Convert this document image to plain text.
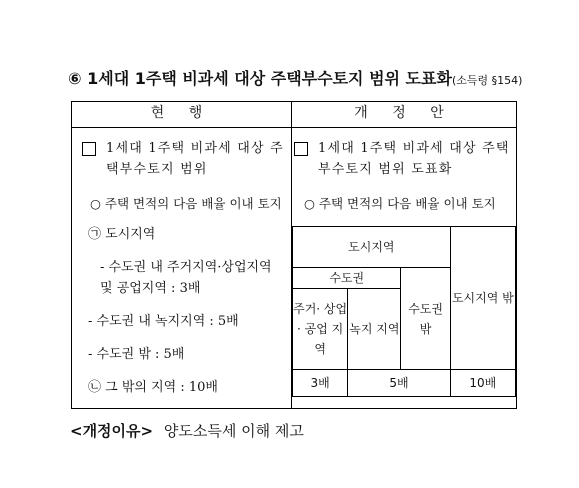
⑥ 1세대 1주택 비과세 대상 주택부수토지 범위 도표화(소득령 §154)
현 행	개 정 안

1세대 1주택 비과세 대상 주택부수토지 범위
○ 주택 면적의 다음 배율 이내 토지
㉠ 도시지역
- 수도권 내 주거지역·상업지역 및 공업지역 : 3배
- 수도권 내 녹지지역 : 5배
- 수도권 밖 : 5배
㉡ 그 밖의 지역 : 10배

1세대 1주택 비과세 대상 주택부수토지 범위 도표화
○ 주택 면적의 다음 배율 이내 토지
도시지역	도시지역 밖
수도권	수도권 밖
주거· 상업· 공업 지역	녹지 지역
3배	5배	10배
<개정이유> 양도소득세 이해 제고
